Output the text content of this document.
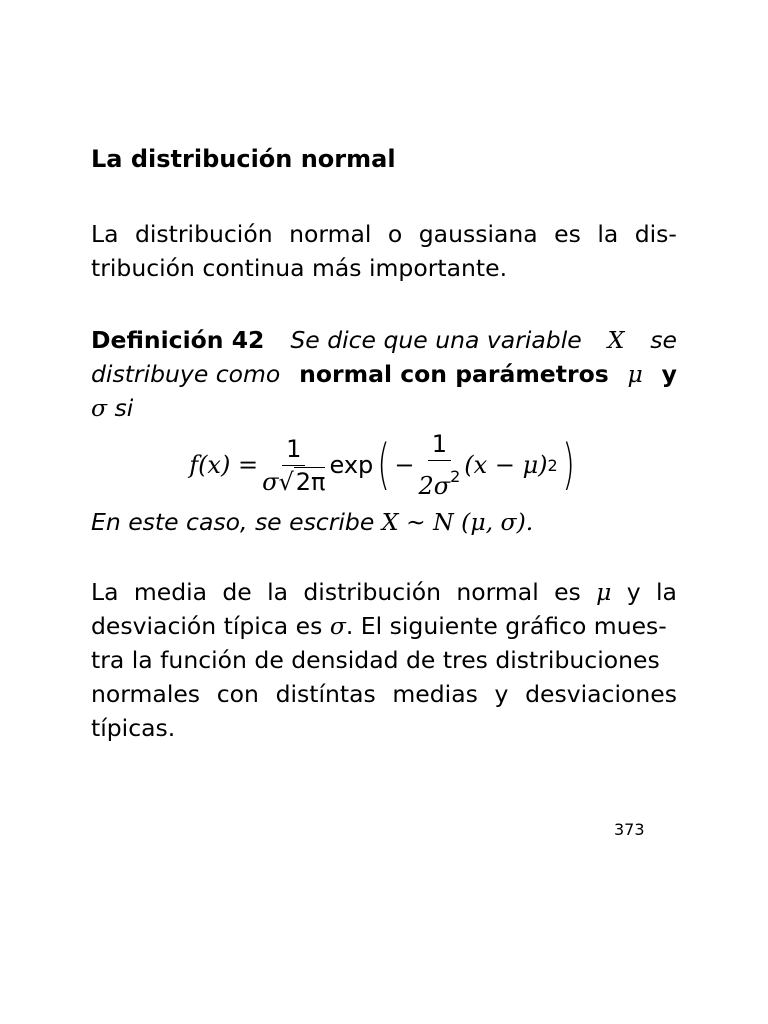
La distribución normal
La distribución normal o gaussiana es la dis-
tribución continua más importante.
Definición 42 Se dice que una variable X se
distribuye como normal con parámetros μ y
σ si
$f(x) = \frac{1}{\sigma√2\pi}$ exp ( − $\frac{1}{2\sigma^2} (x - \mu)$ 2 )
En este caso, se escribe X ∼ N (μ, σ).
La media de la distribución normal es μ y la
desviación típica es σ. El siguiente gráfico mues-
tra la función de densidad de tres distribuciones
normales con distíntas medias y desviaciones
típicas.
373
